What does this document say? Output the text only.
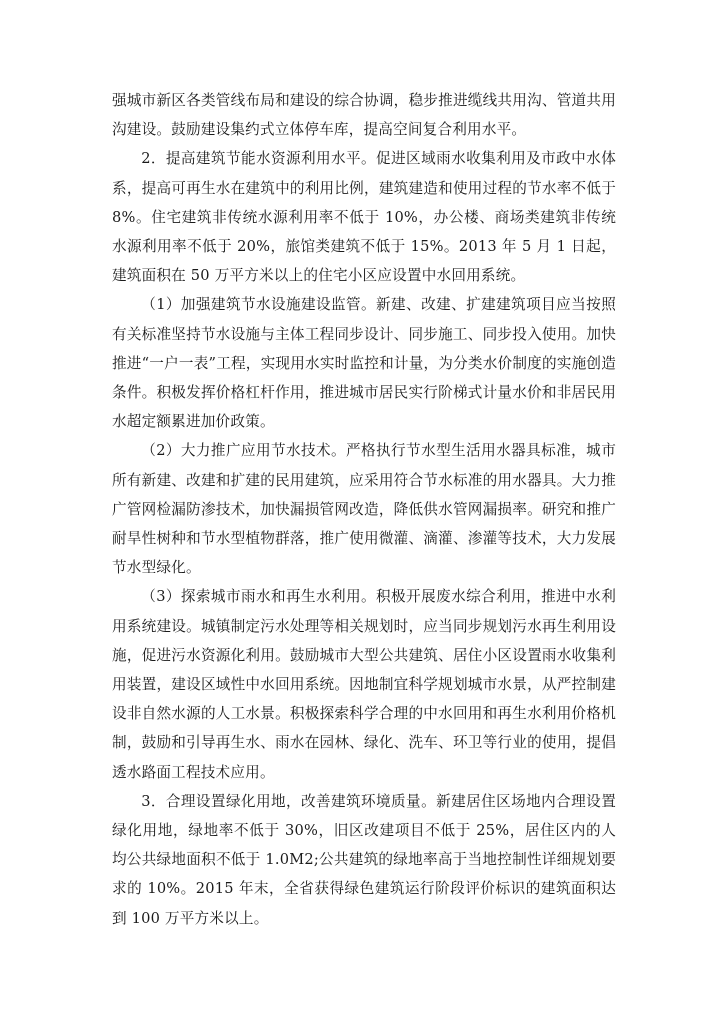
强城市新区各类管线布局和建设的综合协调，稳步推进缆线共用沟、管道共用沟建设。鼓励建设集约式立体停车库，提高空间复合利用水平。

2．提高建筑节能水资源利用水平。促进区域雨水收集利用及市政中水体系，提高可再生水在建筑中的利用比例，建筑建造和使用过程的节水率不低于 8%。住宅建筑非传统水源利用率不低于 10%，办公楼、商场类建筑非传统水源利用率不低于 20%，旅馆类建筑不低于 15%。2013 年 5 月 1 日起，建筑面积在 50 万平方米以上的住宅小区应设置中水回用系统。

（1）加强建筑节水设施建设监管。新建、改建、扩建建筑项目应当按照有关标准坚持节水设施与主体工程同步设计、同步施工、同步投入使用。加快推进“一户一表”工程，实现用水实时监控和计量，为分类水价制度的实施创造条件。积极发挥价格杠杆作用，推进城市居民实行阶梯式计量水价和非居民用水超定额累进加价政策。

（2）大力推广应用节水技术。严格执行节水型生活用水器具标准，城市所有新建、改建和扩建的民用建筑，应采用符合节水标准的用水器具。大力推广管网检漏防渗技术，加快漏损管网改造，降低供水管网漏损率。研究和推广耐旱性树种和节水型植物群落，推广使用微灌、滴灌、渗灌等技术，大力发展节水型绿化。

（3）探索城市雨水和再生水利用。积极开展废水综合利用，推进中水利用系统建设。城镇制定污水处理等相关规划时，应当同步规划污水再生利用设施，促进污水资源化利用。鼓励城市大型公共建筑、居住小区设置雨水收集利用装置，建设区域性中水回用系统。因地制宜科学规划城市水景，从严控制建设非自然水源的人工水景。积极探索科学合理的中水回用和再生水利用价格机制，鼓励和引导再生水、雨水在园林、绿化、洗车、环卫等行业的使用，提倡透水路面工程技术应用。

3．合理设置绿化用地，改善建筑环境质量。新建居住区场地内合理设置绿化用地，绿地率不低于 30%，旧区改建项目不低于 25%，居住区内的人均公共绿地面积不低于 1.0M2;公共建筑的绿地率高于当地控制性详细规划要求的 10%。2015 年末，全省获得绿色建筑运行阶段评价标识的建筑面积达到 100 万平方米以上。
